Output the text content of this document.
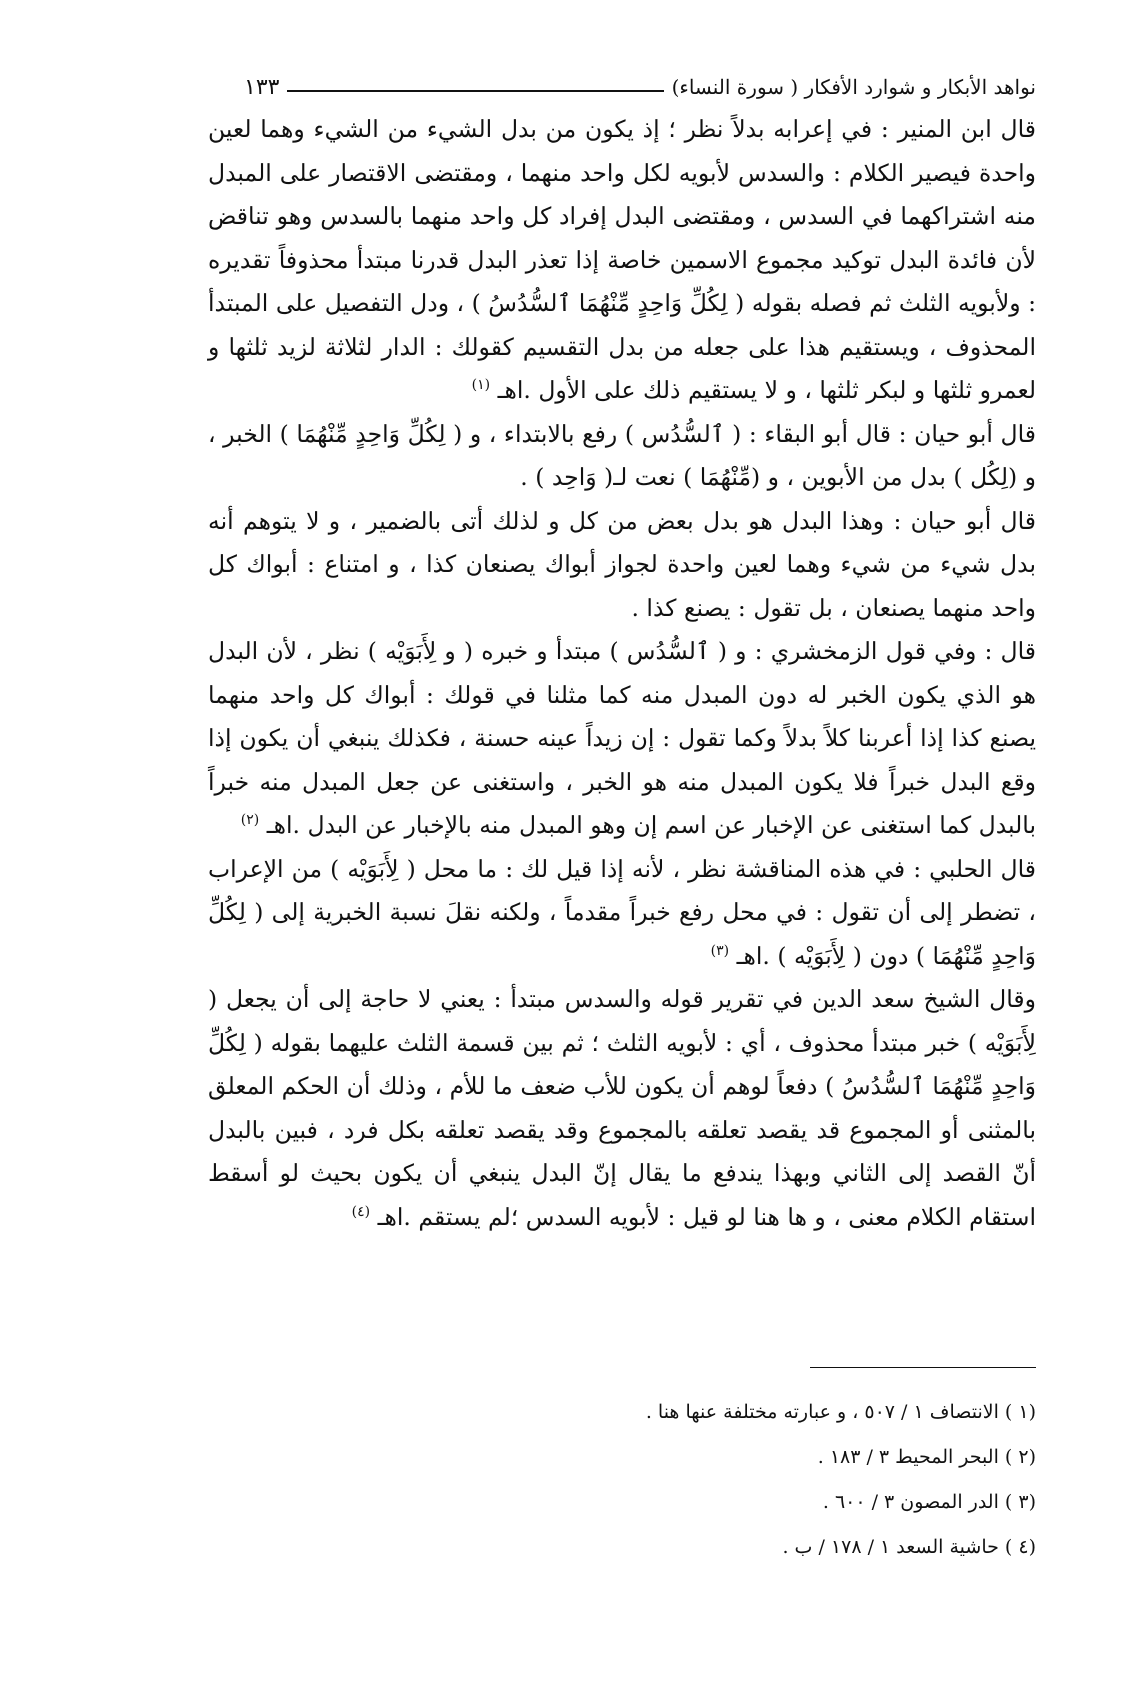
نواهد الأبكار و شوارد الأفكار ( سورة النساء)
١٣٣

قال ابن المنير : في إعرابه بدلاً نظر ؛ إذ يكون من بدل الشيء من الشيء وهما لعين واحدة فيصير الكلام : والسدس لأبويه لكل واحد منهما ، ومقتضى الاقتصار على المبدل منه اشتراكهما في السدس ، ومقتضى البدل إفراد كل واحد منهما بالسدس وهو تناقض لأن فائدة البدل توكيد مجموع الاسمين خاصة إذا تعذر البدل قدرنا مبتدأ محذوفاً تقديره : ولأبويه الثلث ثم فصله بقوله ( لِكُلِّ وَاحِدٍ مِّنْهُمَا ٱلسُّدُسُ ) ، ودل التفصيل على المبتدأ المحذوف ، ويستقيم هذا على جعله من بدل التقسيم كقولك : الدار لثلاثة لزيد ثلثها و لعمرو ثلثها و لبكر ثلثها ، و لا يستقيم ذلك على الأول .اهـ $^{(١)}$

قال أبو حيان : قال أبو البقاء : ( ٱلسُّدُس ) رفع بالابتداء ، و ( لِكُلِّ وَاحِدٍ مِّنْهُمَا ) الخبر ، و (لِكُل ) بدل من الأبوين ، و (مِّنْهُمَا ) نعت لـ( وَاحِد ) .

قال أبو حيان : وهذا البدل هو بدل بعض من كل و لذلك أتى بالضمير ، و لا يتوهم أنه بدل شيء من شيء وهما لعين واحدة لجواز أبواك يصنعان كذا ، و امتناع : أبواك كل واحد منهما يصنعان ، بل تقول : يصنع كذا .

قال : وفي قول الزمخشري : و ( ٱلسُّدُس ) مبتدأ و خبره ( و لِأَبَوَيْه ) نظر ، لأن البدل هو الذي يكون الخبر له دون المبدل منه كما مثلنا في قولك : أبواك كل واحد منهما يصنع كذا إذا أعربنا كلاً بدلاً وكما تقول : إن زيداً عينه حسنة ، فكذلك ينبغي أن يكون إذا وقع البدل خبراً فلا يكون المبدل منه هو الخبر ، واستغنى عن جعل المبدل منه خبراً بالبدل كما استغنى عن الإخبار عن اسم إن وهو المبدل منه بالإخبار عن البدل .اهـ $^{(٢)}$

قال الحلبي : في هذه المناقشة نظر ، لأنه إذا قيل لك : ما محل ( لِأَبَوَيْه ) من الإعراب ، تضطر إلى أن تقول : في محل رفع خبراً مقدماً ، ولكنه نقلَ نسبة الخبرية إلى ( لِكُلِّ وَاحِدٍ مِّنْهُمَا ) دون ( لِأَبَوَيْه ) .اهـ $^{(٣)}$

وقال الشيخ سعد الدين في تقرير قوله والسدس مبتدأ : يعني لا حاجة إلى أن يجعل ( لِأَبَوَيْه ) خبر مبتدأ محذوف ، أي : لأبويه الثلث ؛ ثم بين قسمة الثلث عليهما بقوله ( لِكُلِّ وَاحِدٍ مِّنْهُمَا ٱلسُّدُسُ ) دفعاً لوهم أن يكون للأب ضعف ما للأم ، وذلك أن الحكم المعلق بالمثنى أو المجموع قد يقصد تعلقه بالمجموع وقد يقصد تعلقه بكل فرد ، فبين بالبدل أنّ القصد إلى الثاني وبهذا يندفع ما يقال إنّ البدل ينبغي أن يكون بحيث لو أسقط استقام الكلام معنى ، و ها هنا لو قيل : لأبويه السدس ؛لم يستقم .اهـ $^{(٤)}$

(١ ) الانتصاف ١ / ٥٠٧ ، و عبارته مختلفة عنها هنا .
(٢ ) البحر المحيط ٣ / ١٨٣ .
(٣ ) الدر المصون ٣ / ٦٠٠ .
(٤ ) حاشية السعد ١ / ١٧٨ / ب .
